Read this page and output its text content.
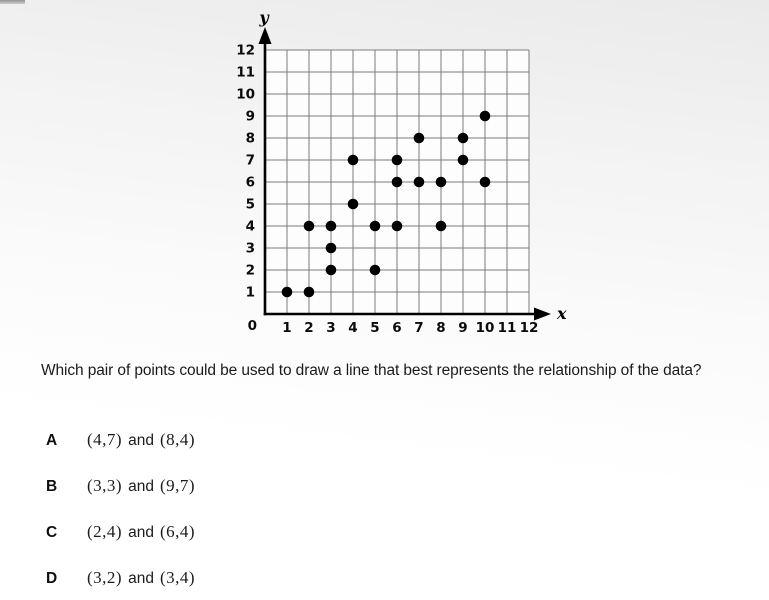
1 2 3 4 5 6 7 8 9 10 11 12
1
2
3
4
5
6
7
8
9
10
11
12
0
y
x
Which pair of points could be used to draw a line that best represents the relationship of the data?
A	(4,7) and (8,4)
B	(3,3) and (9,7)
C	(2,4) and (6,4)
D	(3,2) and (3,4)
